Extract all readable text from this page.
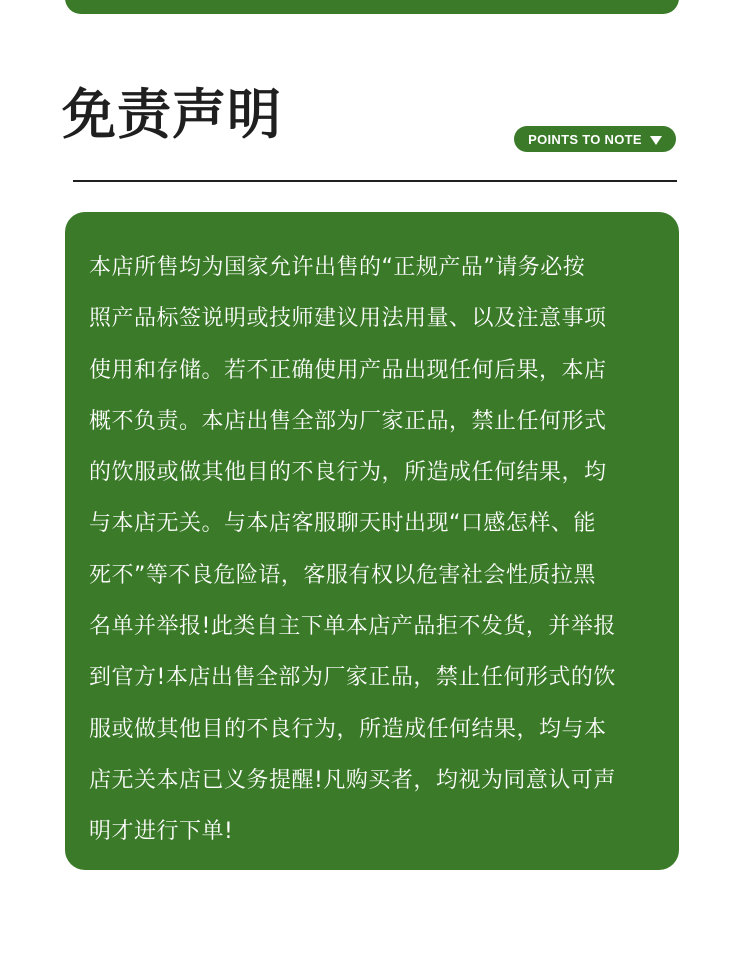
免责声明	POINTS TO NOTE
本店所售均为国家允许出售的“正规产品”请务必按
照产品标签说明或技师建议用法用量、以及注意事项
使用和存储。若不正确使用产品出现任何后果，本店
概不负责。本店出售全部为厂家正品，禁止任何形式
的饮服或做其他目的不良行为，所造成任何结果，均
与本店无关。与本店客服聊天时出现“口感怎样、能
死不”等不良危险语，客服有权以危害社会性质拉黑
名单并举报!此类自主下单本店产品拒不发货，并举报
到官方!本店出售全部为厂家正品，禁止任何形式的饮
服或做其他目的不良行为，所造成任何结果，均与本
店无关本店已义务提醒!凡购买者，均视为同意认可声
明才进行下单!
